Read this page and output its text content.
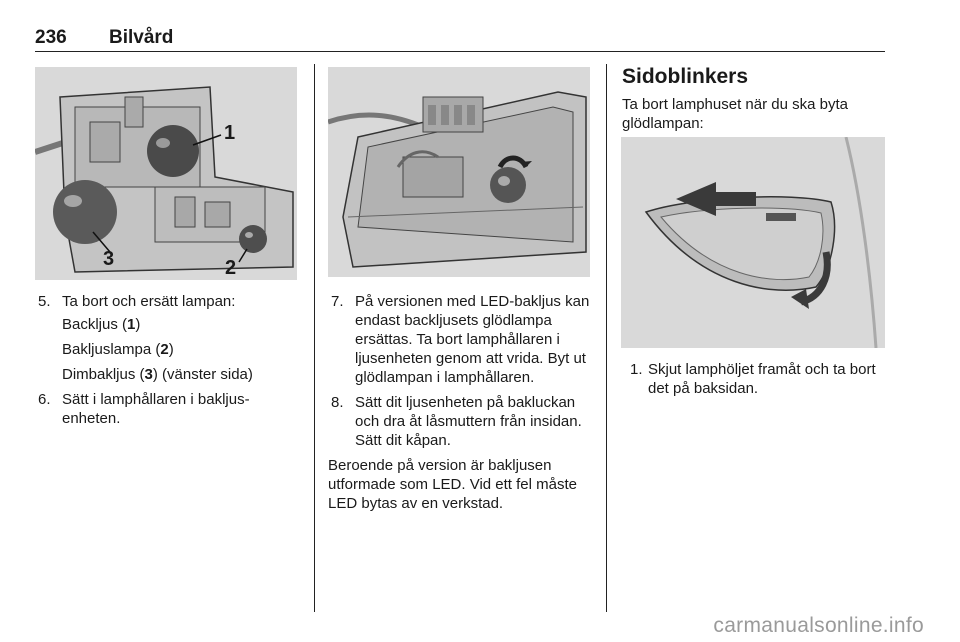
236 Bilvård
1
2
3
5. Ta bort och ersätt lampan:
Backljus (1)
Bakljuslampa (2)
Dimbakljus (3) (vänster sida)
6. Sätt i lamphållaren i bakljusenheten.
7. På versionen med LED-bakljus kan endast backljusets glödlampa ersättas. Ta bort lamphållaren i ljusenheten genom att vrida. Byt ut glödlampan i lamphållaren.
8. Sätt dit ljusenheten på bakluckan och dra åt låsmuttern från insidan. Sätt dit kåpan.

Beroende på version är bakljusen utformade som LED. Vid ett fel måste LED bytas av en verkstad.

Sidoblinkers

Ta bort lamphuset när du ska byta glödlampan:

1. Skjut lamphöljet framåt och ta bort det på baksidan.
carmanualsonline.info
